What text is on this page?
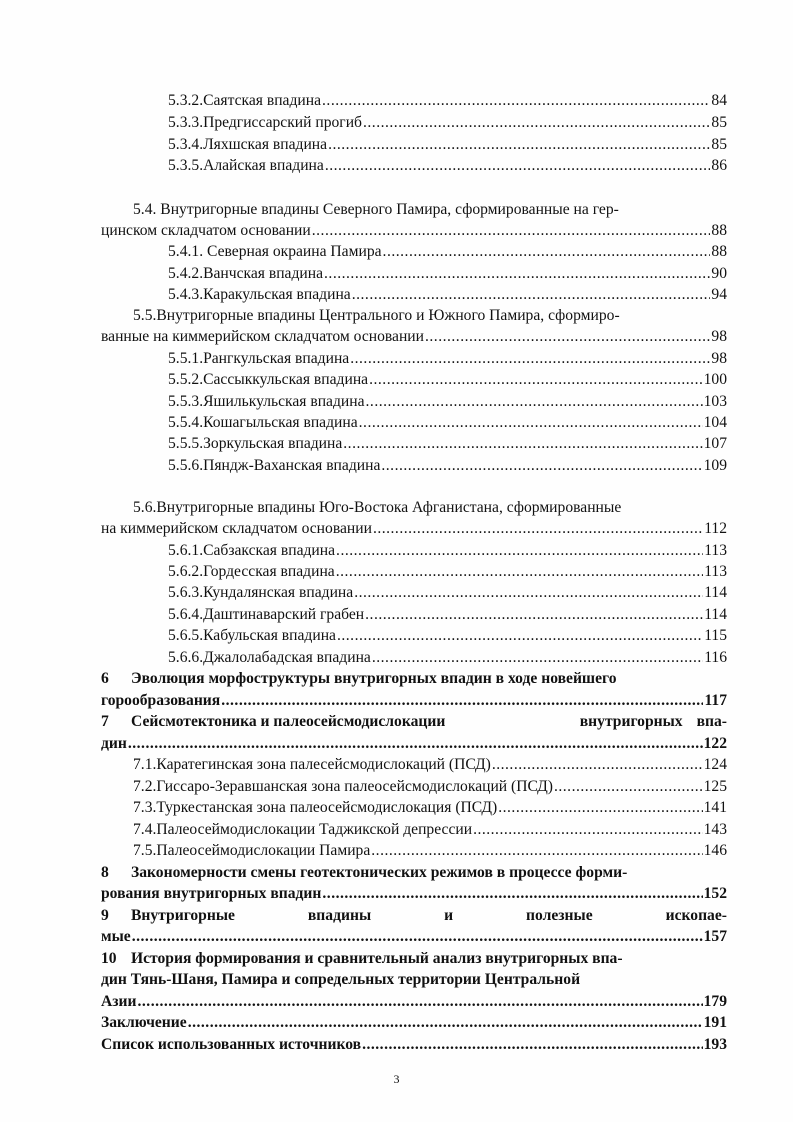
5.3.2.Саятская впадина .....	84
5.3.3.Предгиссарский прогиб .....	85
5.3.4.Ляхшская впадина .....	85
5.3.5.Алайская впадина .....	86
5.4. Внутригорные впадины Северного Памира, сформированные на гер-
цинском складчатом основании .....	88
5.4.1. Северная окраина Памира .....	88
5.4.2.Ванчская впадина .....	90
5.4.3.Каракульская впадина .....	94
5.5.Внутригорные впадины Центрального и Южного Памира, сформиро-
ванные на киммерийском складчатом основании .....	98
5.5.1.Рангкульская впадина .....	98
5.5.2.Сассыккульская впадина .....	100
5.5.3.Яшилькульская впадина .....	103
5.5.4.Кошагыльская впадина .....	104
5.5.5.Зоркульская впадина .....	107
5.5.6.Пяндж-Ваханская впадина .....	109
5.6.Внутригорные впадины Юго-Востока Афганистана, сформированные
на киммерийском складчатом основании .....	112
5.6.1.Сабзакская впадина .....	113
5.6.2.Гордесская впадина .....	113
5.6.3.Кундалянская впадина .....	114
5.6.4.Даштинаварский грабен .....	114
5.6.5.Кабульская впадина .....	115
5.6.6.Джалолабадская впадина .....	116
6 Эволюция морфоструктуры внутригорных впадин в ходе новейшего
горообразования .....	117
7 Сейсмотектоника и палеосейсмодислокации	внутригорных впа-
дин .....	122
7.1.Каратегинская зона палесейсмодислокаций (ПСД) .....	124
7.2.Гиссаро-Зеравшанская зона палеосейсмодислокаций (ПСД) .....	125
7.3.Туркестанская зона палеосейсмодислокация (ПСД) .....	141
7.4.Палеосеймодислокации Таджикской депрессии .....	143
7.5.Палеосеймодислокации Памира .....	146
8 Закономерности смены геотектонических режимов в процессе форми-
рования внутригорных впадин .....	152
9 Внутригорные	впадины	и	полезные	ископае-
мые .....	157
10 История формирования и сравнительный анализ внутригорных впа-
дин Тянь-Шаня, Памира и сопредельных территории Центральной
Азии .....	179
Заключение .....	191
Список использованных источников .....	193
3
